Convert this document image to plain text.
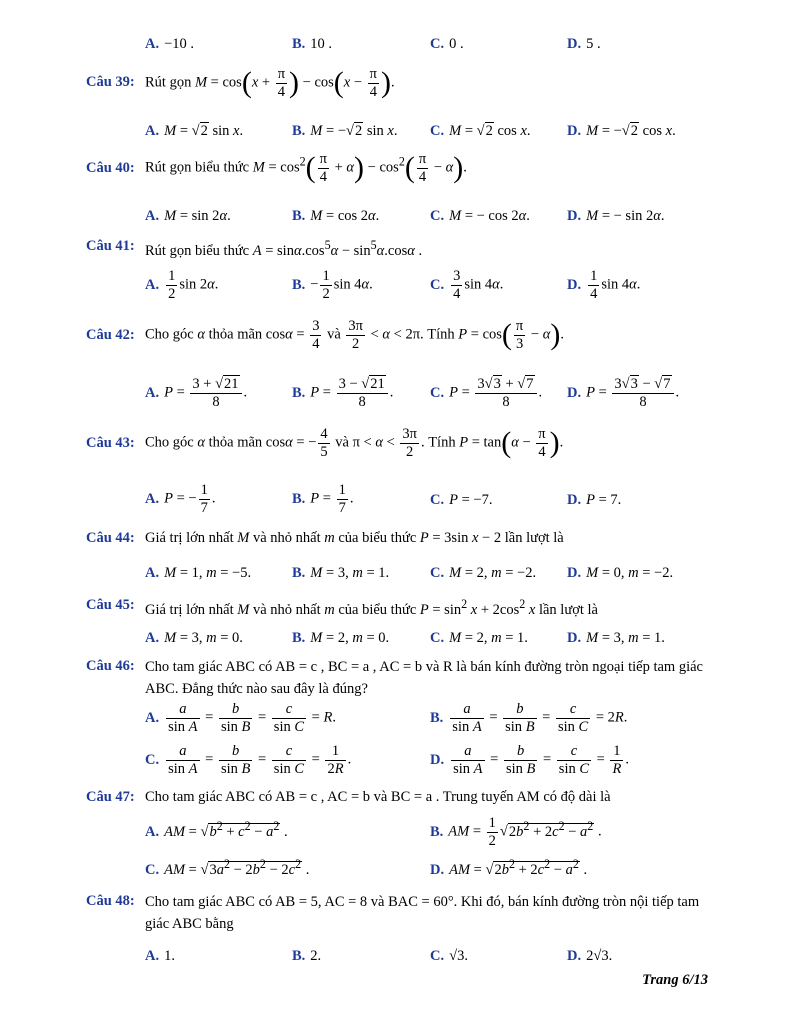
A. −10 .	B. 10 .	C. 0 .	D. 5 .
Câu 39: Rút gọn $M = \cos(x + \frac{\pi}{4}$ ) − $\cos(x - \frac{\pi}{4}$ ).
A. M = √2 sin x.	B. M = −√2 sin x. C. M = √2 cos x.	D. M = −√2 cos x.
Câu 40: Rút gọn biểu thức $M = \cos^2( \frac{\pi}{4} + \alpha) - \cos^2( \frac{\pi}{4} - \alpha)$.
A. M = sin 2α.	B. M = cos 2α.	C. M = − cos 2α.	D. M = − sin 2α.
Câu 41: Rút gọn biểu thức $A = \sin\alpha.\cos^5\alpha - \sin^5\alpha.\cos\alpha$ .
A. $\frac{1}{2}$ sin 2α.	B. − $\frac{1}{2}$ sin 4α.	C. $\frac{3}{4}$ sin 4α.	D. $\frac{1}{4}$ sin 4α.
Câu 42: Cho góc α thỏa mãn $\cos\alpha = \frac{3}{4}$ và $\frac{3\pi}{2} < \alpha < 2\pi$. Tính $P = \cos( \frac{\pi}{3} - \alpha)$.
A. $P = \frac{3 + √21}{8}$ .	B. $P = \frac{3 - √21}{8}$ .	C. $P = \frac{3√3 + √7}{8}$ . D. $P = \frac{3√3 - √7}{8}$ .
Câu 43: Cho góc α thỏa mãn cosα = − $\frac{4}{5}$ và $\pi < \alpha < \frac{3\pi}{2}$ . Tính $P = \tan(\alpha - \frac{\pi}{4}$ ).
A. P = − $\frac{1}{7}$ .	B. $P = \frac{1}{7}$ .	C. P = −7.	D. P = 7.
Câu 44: Giá trị lớn nhất M và nhỏ nhất m của biểu thức P = 3sin x − 2 lần lượt là
A. M = 1, m = −5.	B. M = 3, m = 1.	C. M = 2, m = −2. D. M = 0, m = −2.
Câu 45: Giá trị lớn nhất M và nhỏ nhất m của biểu thức $P = \sin^2 x + 2\cos^2$ x lần lượt là
A. M = 3, m = 0.	B. M = 2, m = 0.	C. M = 2, m = 1.	D. M = 3, m = 1.
Câu 46: Cho tam giác ABC có AB = c , BC = a , AC = b và R là bán kính đường tròn ngoại tiếp tam giác ABC. Đẳng thức nào sau đây là đúng?
A. $\frac{a}{\text{sin A}} = \frac{b}{\text{sin B}} = \frac{c}{\text{sin C}} = R$.	B. $\frac{a}{\text{sin A}} = \frac{b}{\text{sin B}} = \frac{c}{\text{sin C}} = 2R$.
C. $\frac{a}{\text{sin A}} = \frac{b}{\text{sin B}} = \frac{c}{\text{sin C}} = \frac{1}{2R}$ .	D. $\frac{a}{\text{sin A}} = \frac{b}{\text{sin B}} = \frac{c}{\text{sin C}} = \frac{1}{R}$ .
Câu 47: Cho tam giác ABC có AB = c , AC = b và BC = a . Trung tuyến AM có độ dài là
A. AM = $√b^2 + c^2 - a^2$ .	B. AM = $\frac{1}{2} √2b^2 + 2c^2 - a^2$ .
C. AM = $√3a^2 - 2b^2 - 2c^2$ .	D. AM = $√2b^2 + 2c^2 - a^2$ .
Câu 48: Cho tam giác ABC có AB = 5, AC = 8 và BAC = 60°. Khi đó, bán kính đường tròn nội tiếp tam giác ABC bằng
A. 1.	B. 2.	C. √3.	D. 2√3.
Trang 6/13
